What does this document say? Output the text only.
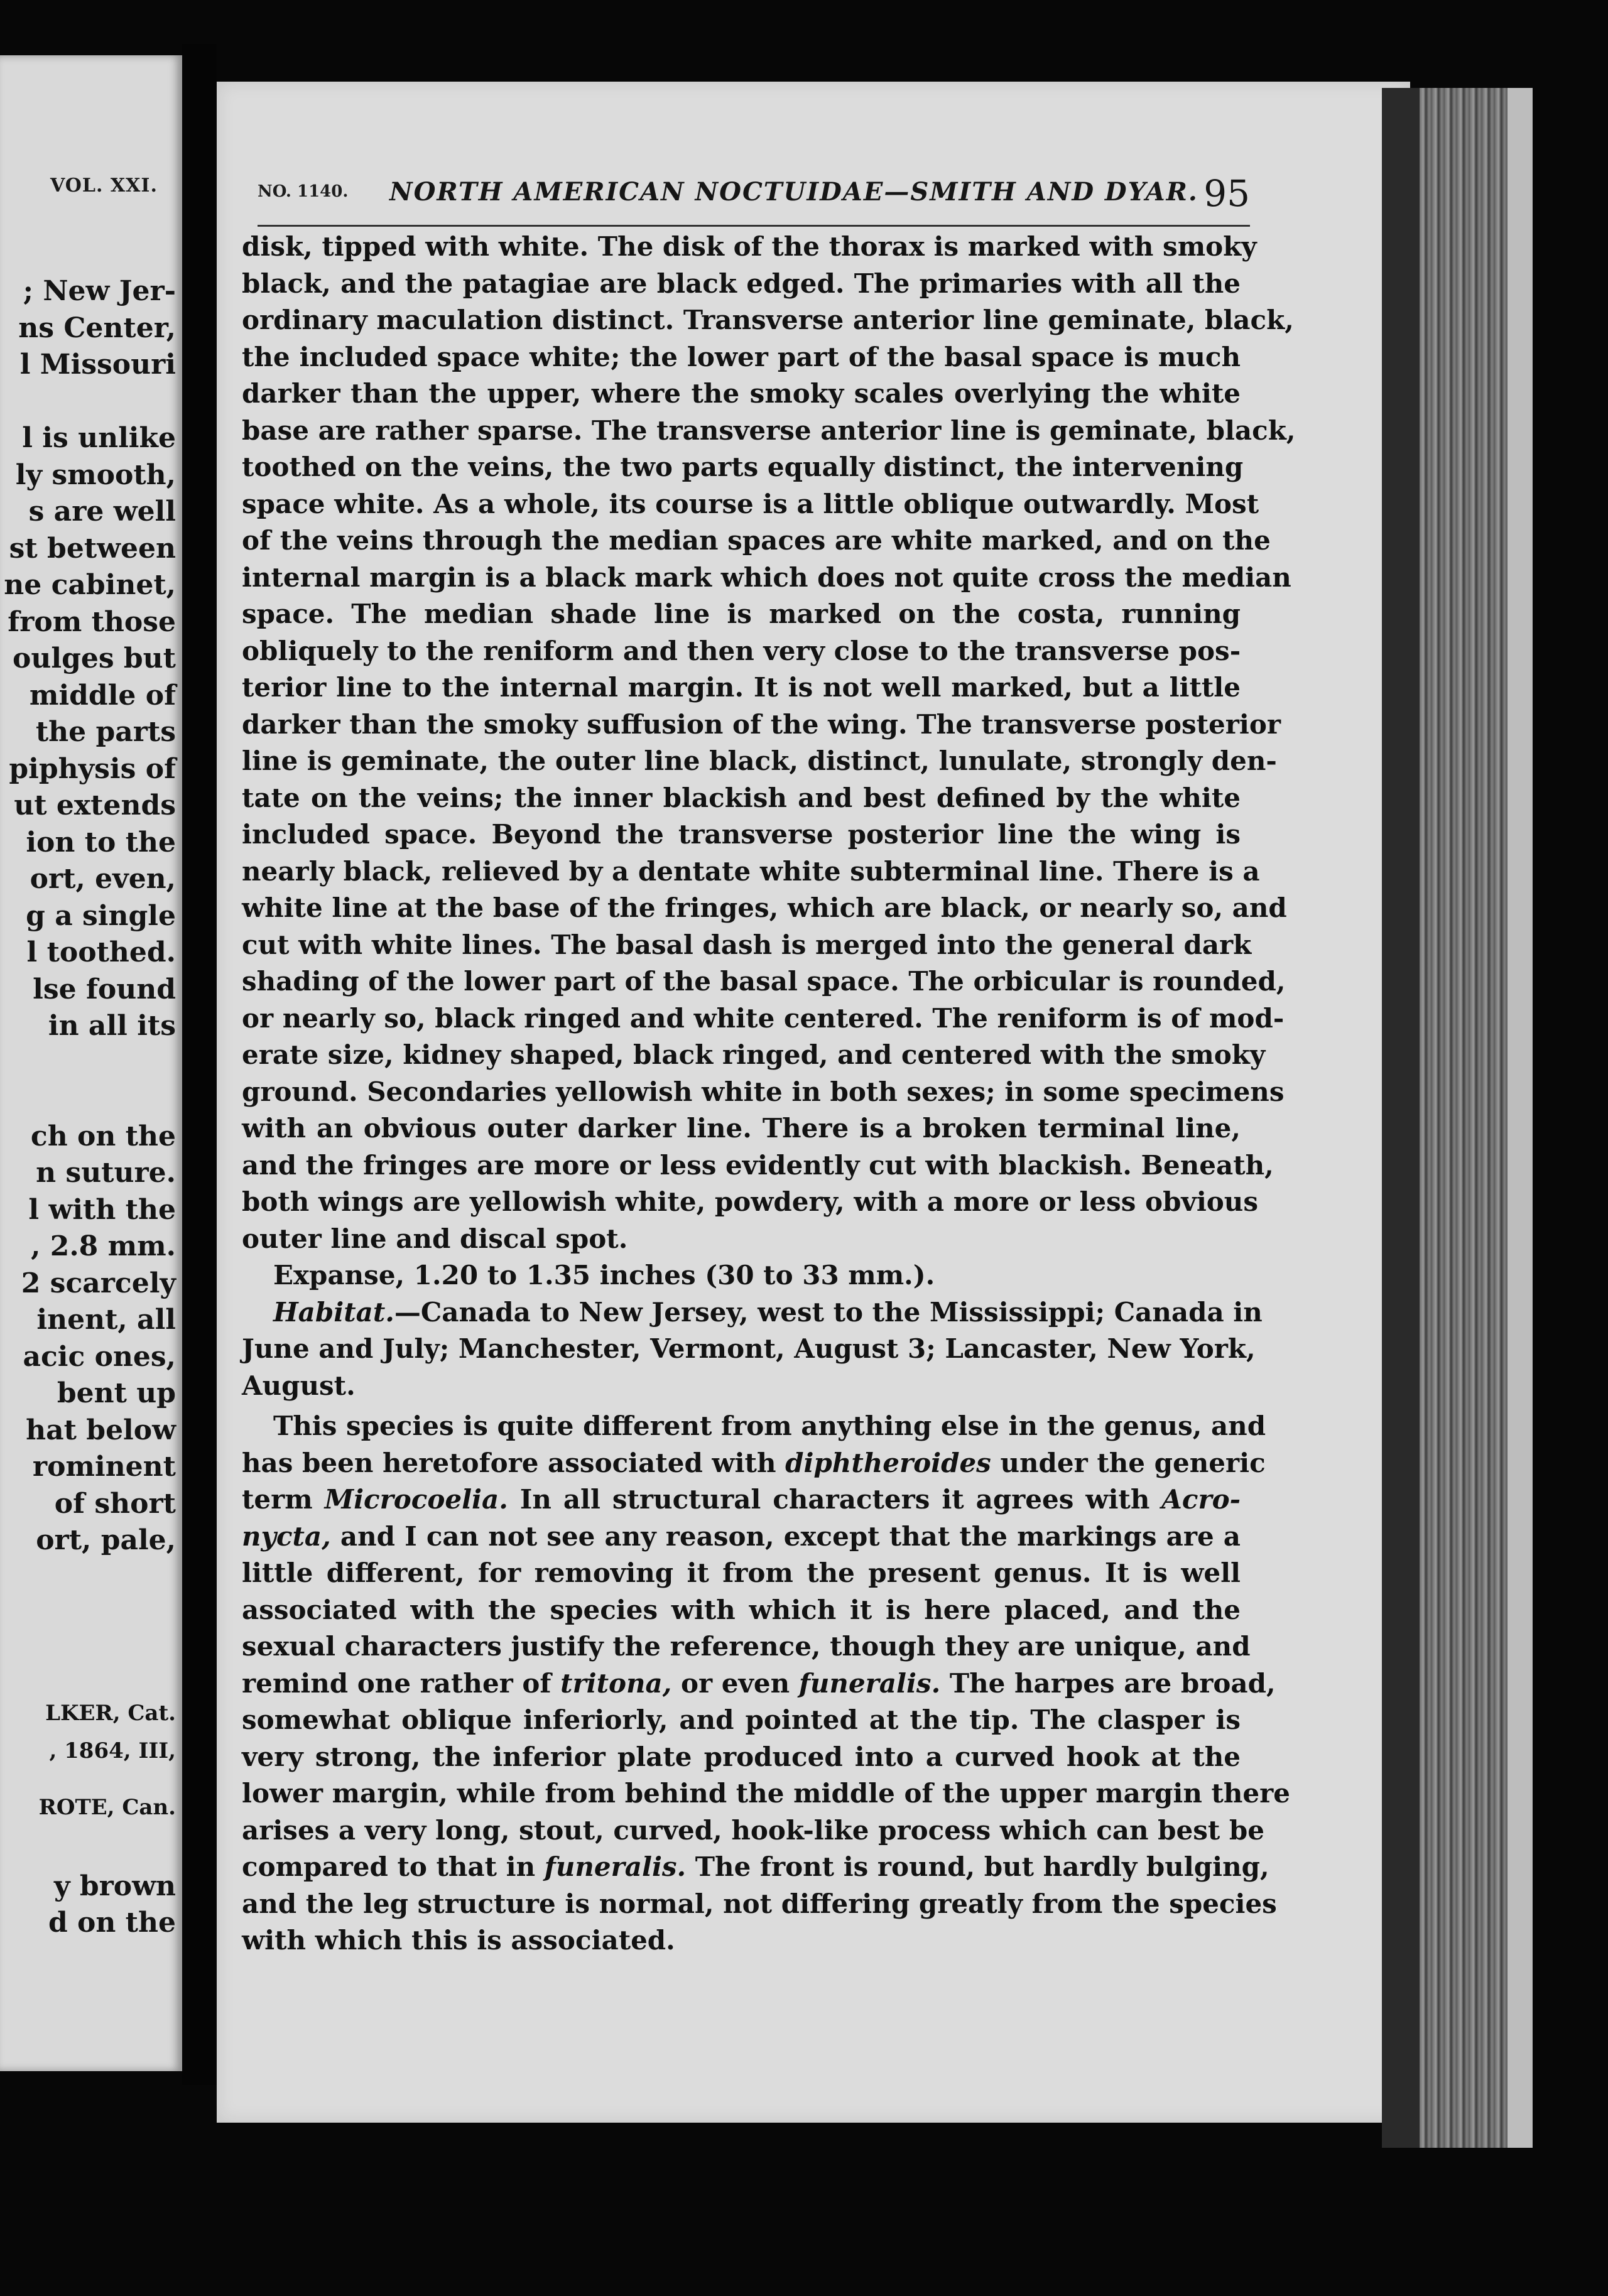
VOL. XXI.
; New Jer-
ns Center,
l Missouri
l is unlike
ly smooth,
s are well
st between
ne cabinet,
from those
oulges but
middle of
the parts
piphysis of
ut extends
ion to the
ort, even,
g a single
l toothed.
lse found
in all its
ch on the
n suture.
l with the
, 2.8 mm.
2 scarcely
inent, all
acic ones,
bent up
hat below
rominent
of short
ort, pale,
LKER, Cat.
, 1864, III,
ROTE, Can.
y brown
d on the
NO. 1140. NORTH AMERICAN NOCTUIDAE—SMITH AND DYAR. 95
disk, tipped with white. The disk of the thorax is marked with smoky
black, and the patagiae are black edged. The primaries with all the
ordinary maculation distinct. Transverse anterior line geminate, black,
the included space white; the lower part of the basal space is much
darker than the upper, where the smoky scales overlying the white
base are rather sparse. The transverse anterior line is geminate, black,
toothed on the veins, the two parts equally distinct, the intervening
space white. As a whole, its course is a little oblique outwardly. Most
of the veins through the median spaces are white marked, and on the
internal margin is a black mark which does not quite cross the median
space. The median shade line is marked on the costa, running
obliquely to the reniform and then very close to the transverse pos-
terior line to the internal margin. It is not well marked, but a little
darker than the smoky suffusion of the wing. The transverse posterior
line is geminate, the outer line black, distinct, lunulate, strongly den-
tate on the veins; the inner blackish and best defined by the white
included space. Beyond the transverse posterior line the wing is
nearly black, relieved by a dentate white subterminal line. There is a
white line at the base of the fringes, which are black, or nearly so, and
cut with white lines. The basal dash is merged into the general dark
shading of the lower part of the basal space. The orbicular is rounded,
or nearly so, black ringed and white centered. The reniform is of mod-
erate size, kidney shaped, black ringed, and centered with the smoky
ground. Secondaries yellowish white in both sexes; in some specimens
with an obvious outer darker line. There is a broken terminal line,
and the fringes are more or less evidently cut with blackish. Beneath,
both wings are yellowish white, powdery, with a more or less obvious
outer line and discal spot.
Expanse, 1.20 to 1.35 inches (30 to 33 mm.).
Habitat.—Canada to New Jersey, west to the Mississippi; Canada in
June and July; Manchester, Vermont, August 3; Lancaster, New York,
August.
This species is quite different from anything else in the genus, and
has been heretofore associated with diphtheroides under the generic
term Microcoelia. In all structural characters it agrees with Acro-
nycta, and I can not see any reason, except that the markings are a
little different, for removing it from the present genus. It is well
associated with the species with which it is here placed, and the
sexual characters justify the reference, though they are unique, and
remind one rather of tritona, or even funeralis. The harpes are broad,
somewhat oblique inferiorly, and pointed at the tip. The clasper is
very strong, the inferior plate produced into a curved hook at the
lower margin, while from behind the middle of the upper margin there
arises a very long, stout, curved, hook-like process which can best be
compared to that in funeralis. The front is round, but hardly bulging,
and the leg structure is normal, not differing greatly from the species
with which this is associated.
